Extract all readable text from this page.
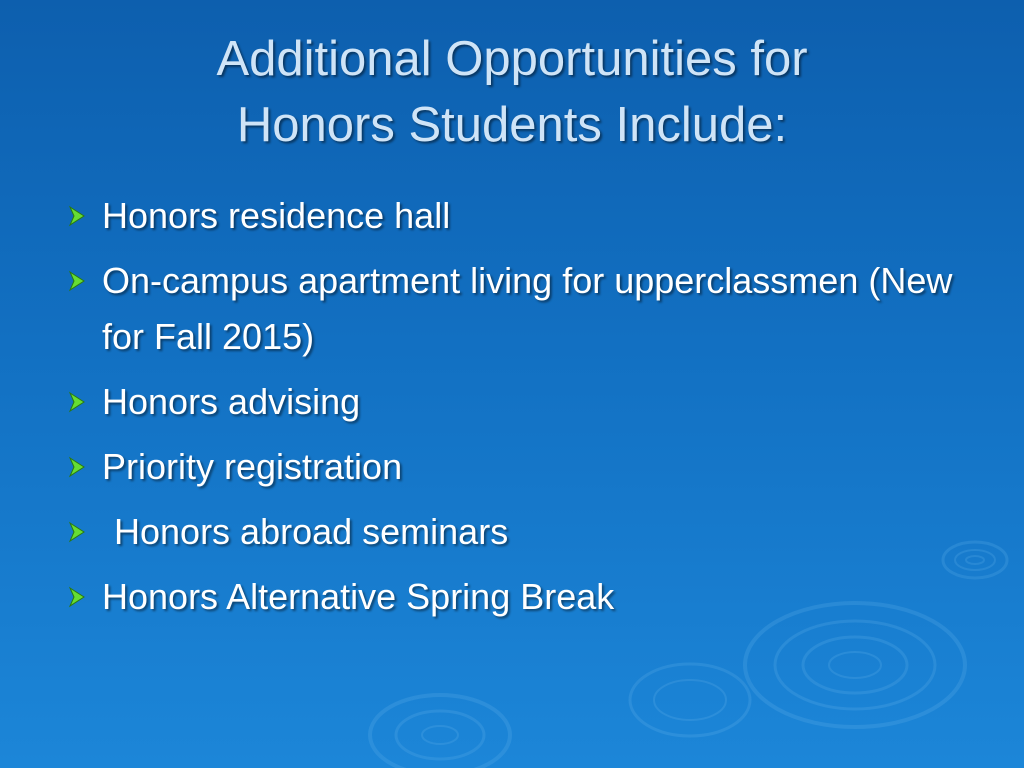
Additional Opportunities for
Honors Students Include:
Honors residence hall
On-campus apartment living for upperclassmen (New for Fall 2015)
Honors advising
Priority registration
Honors abroad seminars
Honors Alternative Spring Break
